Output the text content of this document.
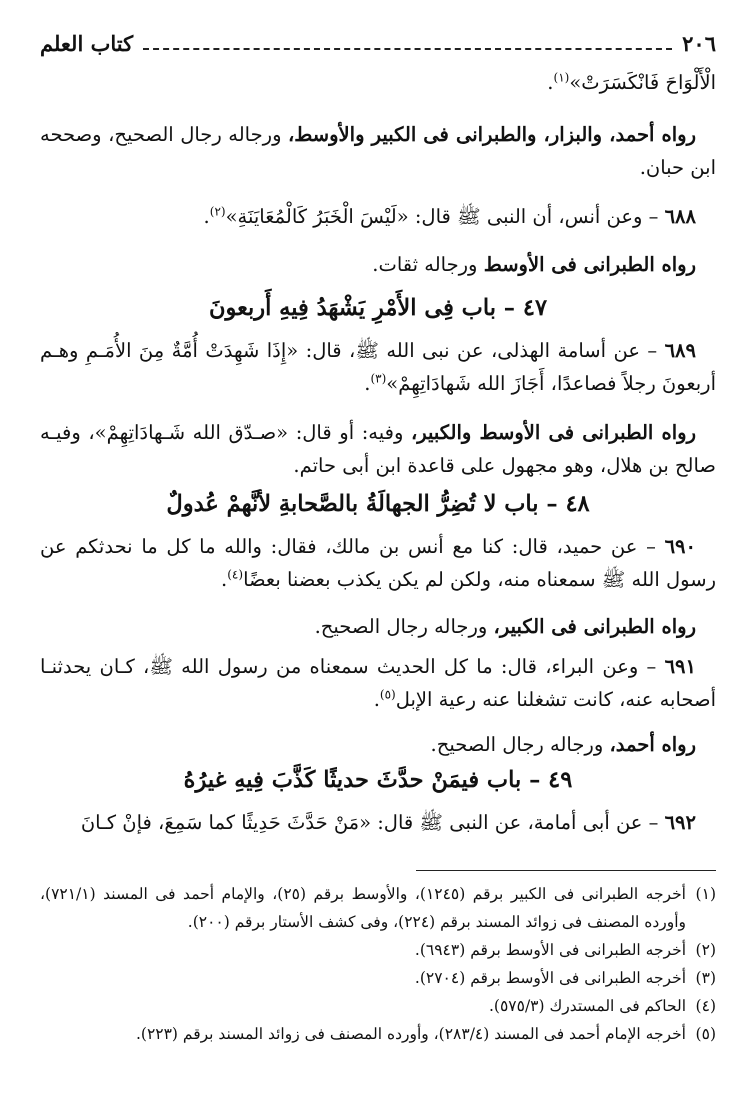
٢٠٦
كتاب العلم

الْأَلْوَاحَ فَانْكَسَرَتْ»$^{(١)}$.

رواه أحمد، والبزار، والطبرانى فى الكبير والأوسط، ورجاله رجال الصحيح، وصححه ابن حبان.

٦٨٨ – وعن أنس، أن النبى ﷺ قال: «لَيْسَ الْخَبَرُ كَالْمُعَايَنَةِ»$^{(٢)}$.

رواه الطبرانى فى الأوسط ورجاله ثقات.

٤٧ – باب فِى الأَمْرِ يَشْهَدُ فِيهِ أَربعونَ

٦٨٩ – عن أسامة الهذلى، عن نبى الله ﷺ، قال: «إِذَا شَهِدَتْ أُمَّةٌ مِنَ الأُمَـمِ وهـم أربعونَ رجلاً فصاعدًا، أَجَازَ الله شَهادَاتِهِمْ»$^{(٣)}$.

رواه الطبرانى فى الأوسط والكبير، وفيه: أو قال: «صـدّق الله شَـهادَاتِهِمْ»، وفيـه صالح بن هلال، وهو مجهول على قاعدة ابن أبى حاتم.

٤٨ – باب لا تُضِرُّ الجهالَةُ بالصَّحابةِ لأنَّهمْ عُدولٌ

٦٩٠ – عن حميد، قال: كنا مع أنس بن مالك، فقال: والله ما كل ما نحدثكم عن رسول الله ﷺ سمعناه منه، ولكن لم يكن يكذب بعضنا بعضًا$^{(٤)}$.

رواه الطبرانى فى الكبير، ورجاله رجال الصحيح.

٦٩١ – وعن البراء، قال: ما كل الحديث سمعناه من رسول الله ﷺ، كـان يحدثنـا أصحابه عنه، كانت تشغلنا عنه رعية الإبل$^{(٥)}$.

رواه أحمد، ورجاله رجال الصحيح.

٤٩ – باب فيمَنْ حدَّثَ حديثًا كَذَّبَ فِيهِ غيرُهُ

٦٩٢ – عن أبى أمامة، عن النبى ﷺ قال: «مَنْ حَدَّثَ حَدِيثًا كما سَمِعَ، فإنْ كـانَ

(١)
أخرجه الطبرانى فى الكبير برقم (١٢٤٥)، والأوسط برقم (٢٥)، والإمام أحمد فى المسند (٧٢١/١)، وأورده المصنف فى زوائد المسند برقم (٢٢٤)، وفى كشف الأستار برقم (٢٠٠).

(٢)
أخرجه الطبرانى فى الأوسط برقم (٦٩٤٣).

(٣)
أخرجه الطبرانى فى الأوسط برقم (٢٧٠٤).

(٤)
الحاكم فى المستدرك (٥٧٥/٣).

(٥)
أخرجه الإمام أحمد فى المسند (٢٨٣/٤)، وأورده المصنف فى زوائد المسند برقم (٢٢٣).
